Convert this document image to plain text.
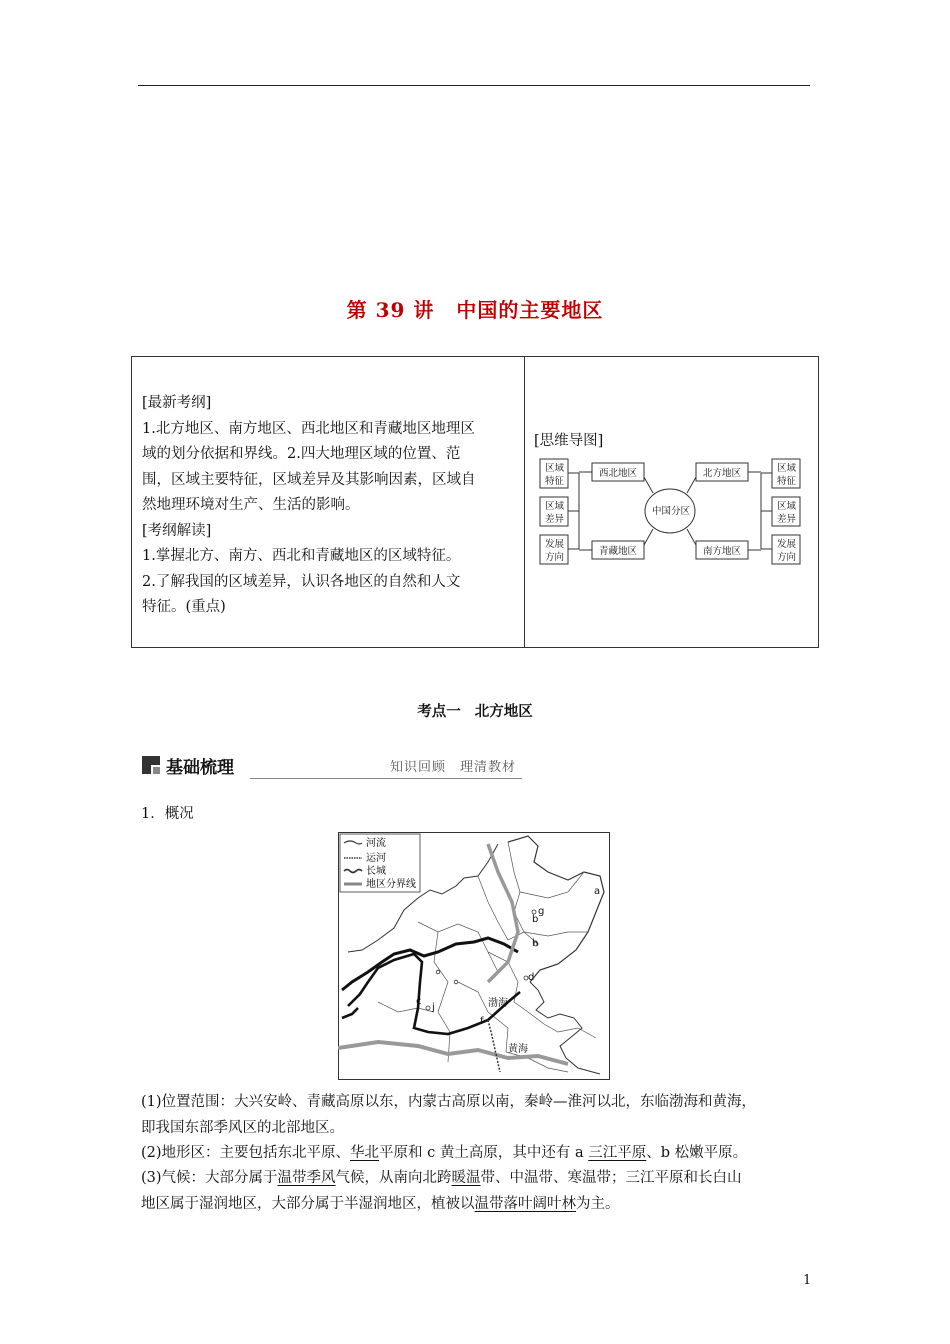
第 39 讲 中国的主要地区

[最新考纲]

1.北方地区、南方地区、西北地区和青藏地区地理区

域的划分依据和界线。2.四大地理区域的位置、范

围，区域主要特征，区域差异及其影响因素，区域自

然地理环境对生产、生活的影响。

[考纲解读]

1.掌握北方、南方、西北和青藏地区的区域特征。

2.了解我国的区域差异，认识各地区的自然和人文

特征。(重点)

[思维导图]
区域
特征
区域
差异
发展
方向
区域
特征
区域
差异
发展
方向
西北地区
青藏地区
北方地区
南方地区
中国分区
考点一 北方地区
基础梳理	知识回顾　理清教材
1．概况
河流
运河
长城
地区分界线
a
b
g
h
d
c
j
f
渤海
黄海

(1)位置范围：大兴安岭、青藏高原以东，内蒙古高原以南，秦岭—淮河以北，东临渤海和黄海，

即我国东部季风区的北部地区。

(2)地形区：主要包括东北平原、华北平原和 c 黄土高原，其中还有 a 三江平原、b 松嫩平原。

(3)气候：大部分属于温带季风气候，从南向北跨暖温带、中温带、寒温带；三江平原和长白山

地区属于湿润地区，大部分属于半湿润地区，植被以温带落叶阔叶林为主。

1
